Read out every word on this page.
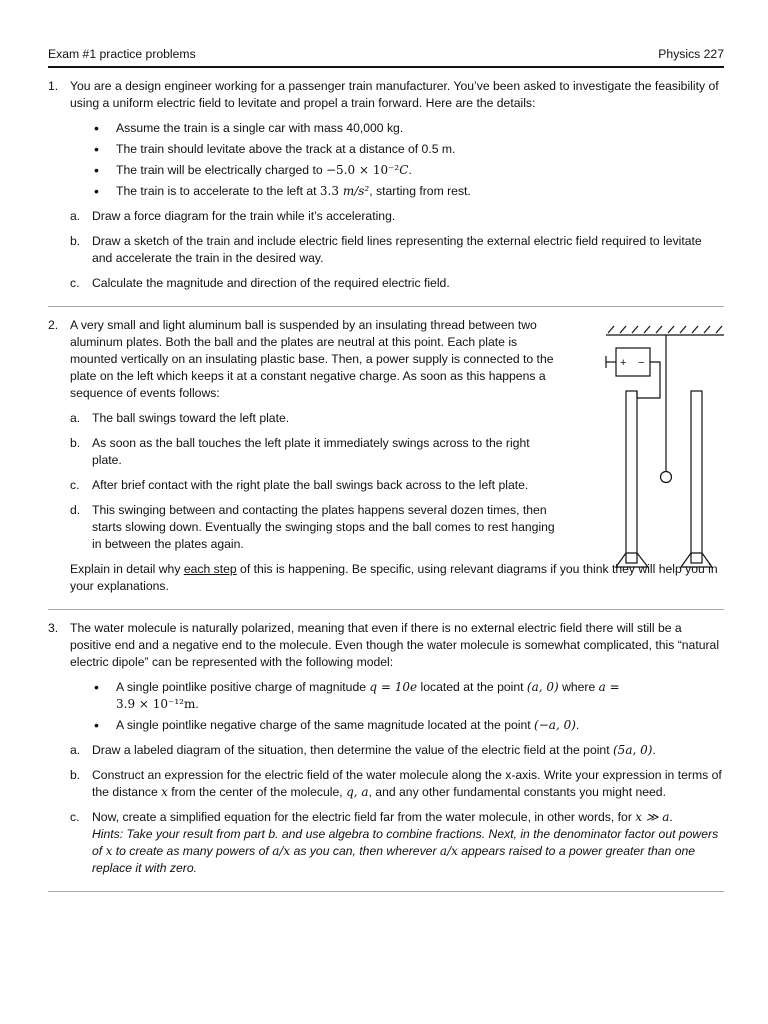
Exam #1 practice problems	Physics 227
1. You are a design engineer working for a passenger train manufacturer. You’ve been asked to investigate the feasibility of using a uniform electric field to levitate and propel a train forward. Here are the details:

• Assume the train is a single car with mass 40,000 kg.
• The train should levitate above the track at a distance of 0.5 m.
• The train will be electrically charged to −5.0 × 10⁻²C.
• The train is to accelerate to the left at 3.3 m/s², starting from rest.
a. Draw a force diagram for the train while it’s accelerating.
b. Draw a sketch of the train and include electric field lines representing the external electric field required to levitate and accelerate the train in the desired way.
c. Calculate the magnitude and direction of the required electric field.
2. A very small and light aluminum ball is suspended by an insulating thread between two aluminum plates. Both the ball and the plates are neutral at this point. Each plate is mounted vertically on an insulating plastic base. Then, a power supply is connected to the plate on the left which keeps it at a constant negative charge. As soon as this happens a sequence of events follows:

a. The ball swings toward the left plate.
b. As soon as the ball touches the left plate it immediately swings across to the right plate.
c. After brief contact with the right plate the ball swings back across to the left plate.
d. This swinging between and contacting the plates happens several dozen times, then starts slowing down. Eventually the swinging stops and the ball comes to rest hanging in between the plates again.

Explain in detail why each step of this is happening. Be specific, using relevant diagrams if you think they will help you in your explanations.

+ −
3. The water molecule is naturally polarized, meaning that even if there is no external electric field there will still be a positive end and a negative end to the molecule. Even though the water molecule is somewhat complicated, this “natural electric dipole” can be represented with the following model:

• A single pointlike positive charge of magnitude q = 10e located at the point (a, 0) where a =
3.9 × 10⁻¹²m.
• A single pointlike negative charge of the same magnitude located at the point (−a, 0).
a. Draw a labeled diagram of the situation, then determine the value of the electric field at the point (5a, 0).
b. Construct an expression for the electric field of the water molecule along the x-axis. Write your expression in terms of the distance x from the center of the molecule, q, a, and any other fundamental constants you might need.
c. Now, create a simplified equation for the electric field far from the water molecule, in other words, for x ≫ a.
Hints: Take your result from part b. and use algebra to combine fractions. Next, in the denominator factor out powers of x to create as many powers of a/x as you can, then wherever a/x appears raised to a power greater than one replace it with zero.
